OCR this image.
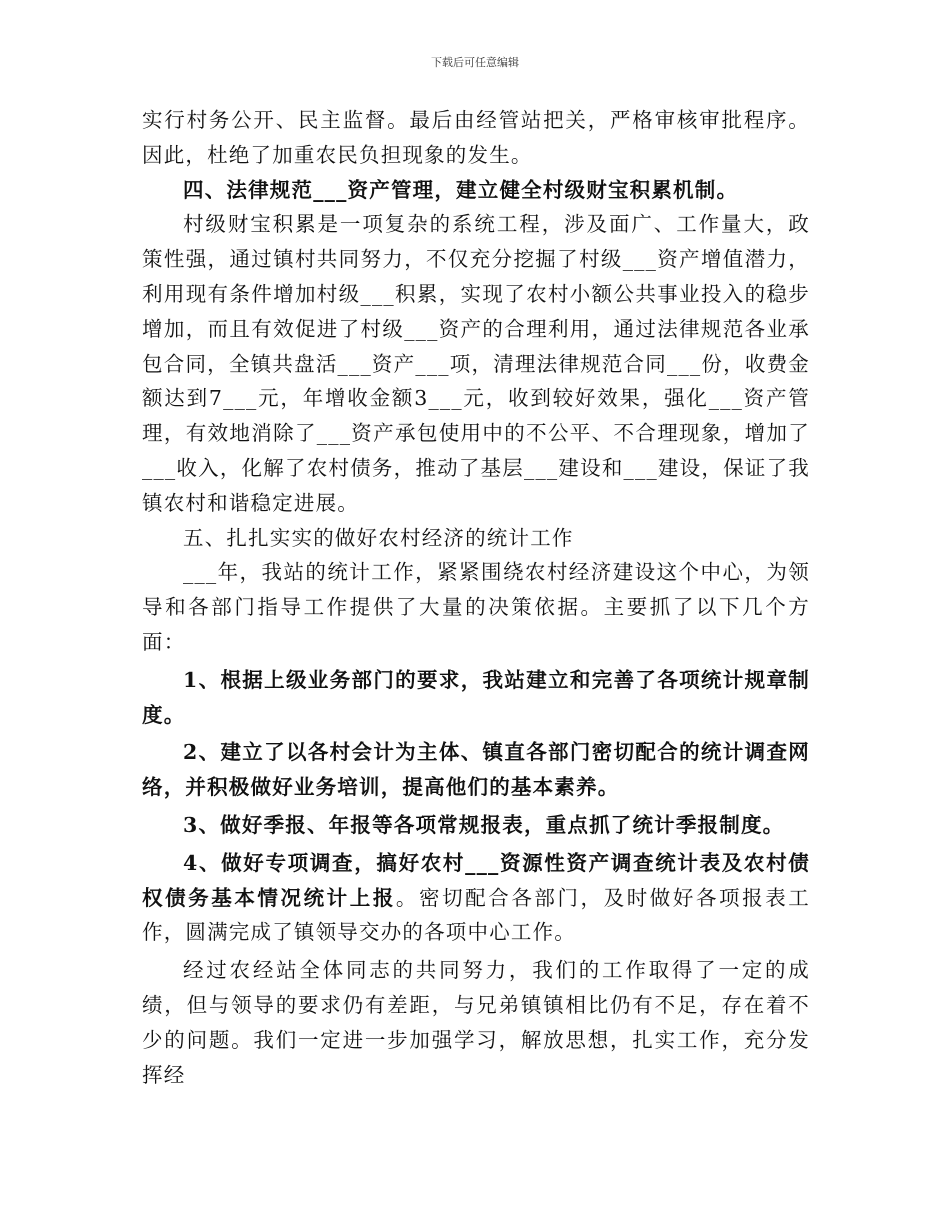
下载后可任意编辑

实行村务公开、民主监督。最后由经管站把关，严格审核审批程序。因此，杜绝了加重农民负担现象的发生。

四、法律规范___资产管理，建立健全村级财宝积累机制。

村级财宝积累是一项复杂的系统工程，涉及面广、工作量大，政策性强，通过镇村共同努力，不仅充分挖掘了村级___资产增值潜力，利用现有条件增加村级___积累，实现了农村小额公共事业投入的稳步增加，而且有效促进了村级___资产的合理利用，通过法律规范各业承包合同，全镇共盘活___资产___项，清理法律规范合同___份，收费金额达到7___元，年增收金额3___元，收到较好效果，强化___资产管理，有效地消除了___资产承包使用中的不公平、不合理现象，增加了___收入，化解了农村债务，推动了基层___建设和___建设，保证了我镇农村和谐稳定进展。

五、扎扎实实的做好农村经济的统计工作

___年，我站的统计工作，紧紧围绕农村经济建设这个中心，为领导和各部门指导工作提供了大量的决策依据。主要抓了以下几个方面：

1、根据上级业务部门的要求，我站建立和完善了各项统计规章制度。

2、建立了以各村会计为主体、镇直各部门密切配合的统计调查网络，并积极做好业务培训，提高他们的基本素养。

3、做好季报、年报等各项常规报表，重点抓了统计季报制度。

4、做好专项调查，搞好农村___资源性资产调查统计表及农村债权债务基本情况统计上报。密切配合各部门，及时做好各项报表工作，圆满完成了镇领导交办的各项中心工作。

经过农经站全体同志的共同努力，我们的工作取得了一定的成绩，但与领导的要求仍有差距，与兄弟镇镇相比仍有不足，存在着不少的问题。我们一定进一步加强学习，解放思想，扎实工作，充分发挥经
